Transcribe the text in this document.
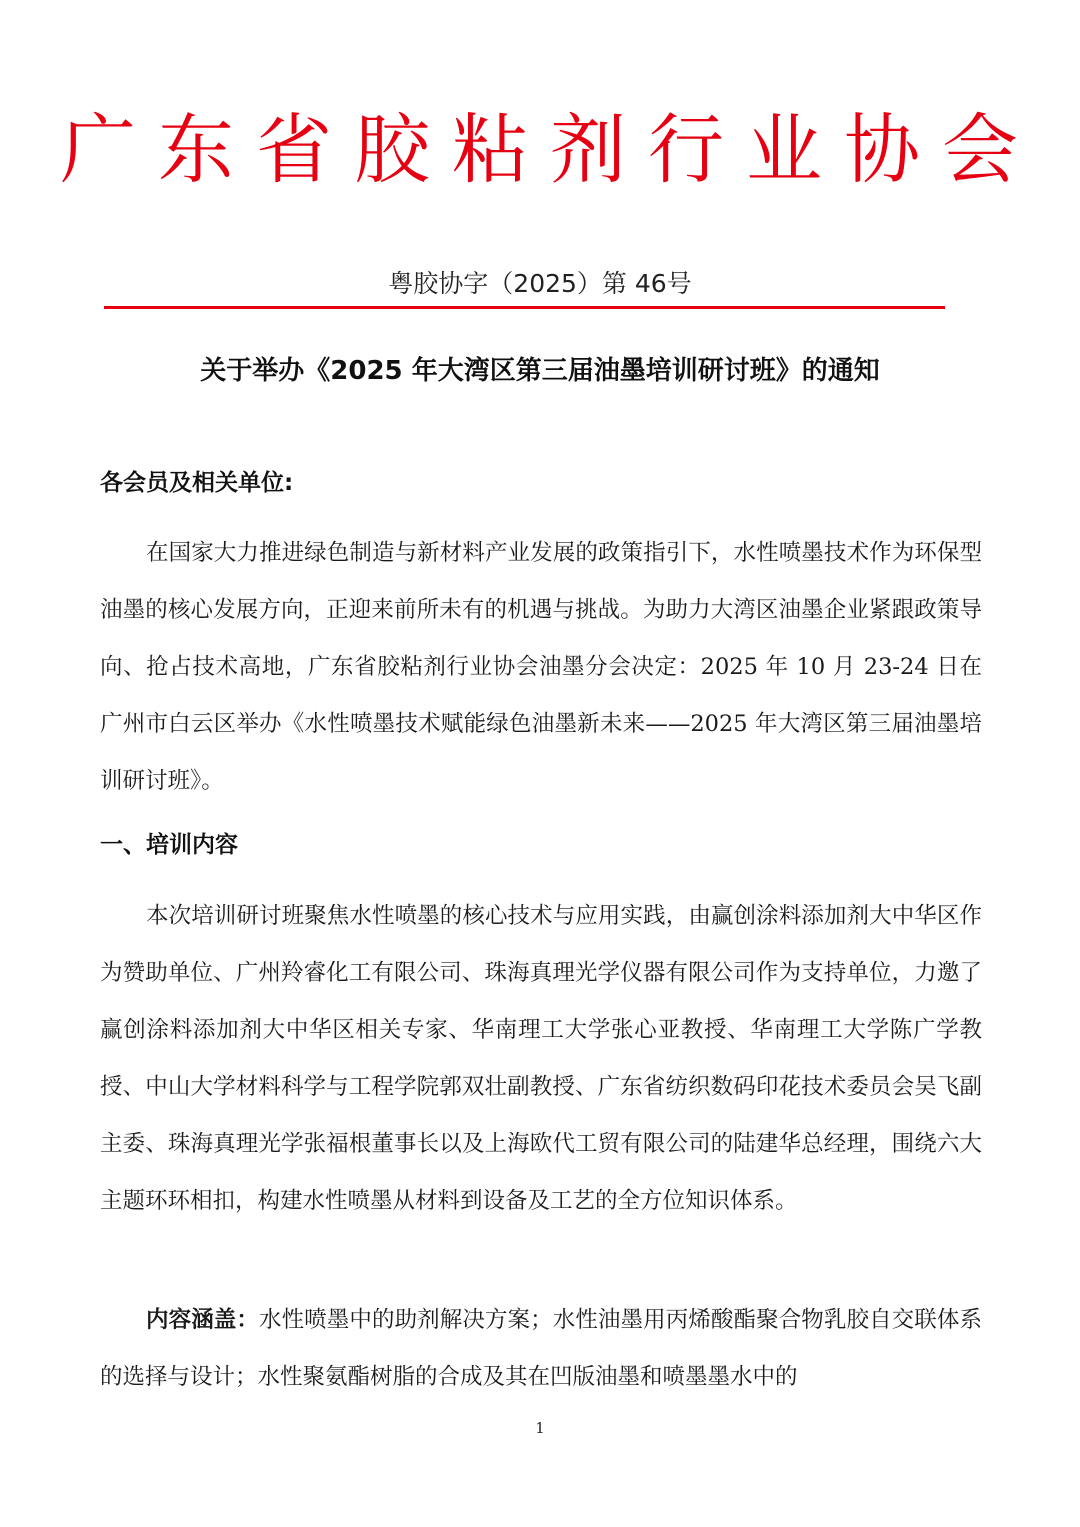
广东省胶粘剂行业协会
粤胶协字（2025）第 46号
关于举办《2025 年大湾区第三届油墨培训研讨班》的通知
各会员及相关单位:

在国家大力推进绿色制造与新材料产业发展的政策指引下，水性喷墨技术作为环保型油墨的核心发展方向，正迎来前所未有的机遇与挑战。为助力大湾区油墨企业紧跟政策导向、抢占技术高地，广东省胶粘剂行业协会油墨分会决定：2025 年 10 月 23-24 日在广州市白云区举办《水性喷墨技术赋能绿色油墨新未来——2025 年大湾区第三届油墨培训研讨班》。

一、培训内容

本次培训研讨班聚焦水性喷墨的核心技术与应用实践，由赢创涂料添加剂大中华区作为赞助单位、广州羚睿化工有限公司、珠海真理光学仪器有限公司作为支持单位，力邀了赢创涂料添加剂大中华区相关专家、华南理工大学张心亚教授、华南理工大学陈广学教授、中山大学材料科学与工程学院郭双壮副教授、广东省纺织数码印花技术委员会吴飞副主委、珠海真理光学张福根董事长以及上海欧代工贸有限公司的陆建华总经理，围绕六大主题环环相扣，构建水性喷墨从材料到设备及工艺的全方位知识体系。

内容涵盖：水性喷墨中的助剂解决方案；水性油墨用丙烯酸酯聚合物乳胶自交联体系的选择与设计；水性聚氨酯树脂的合成及其在凹版油墨和喷墨墨水中的

1
